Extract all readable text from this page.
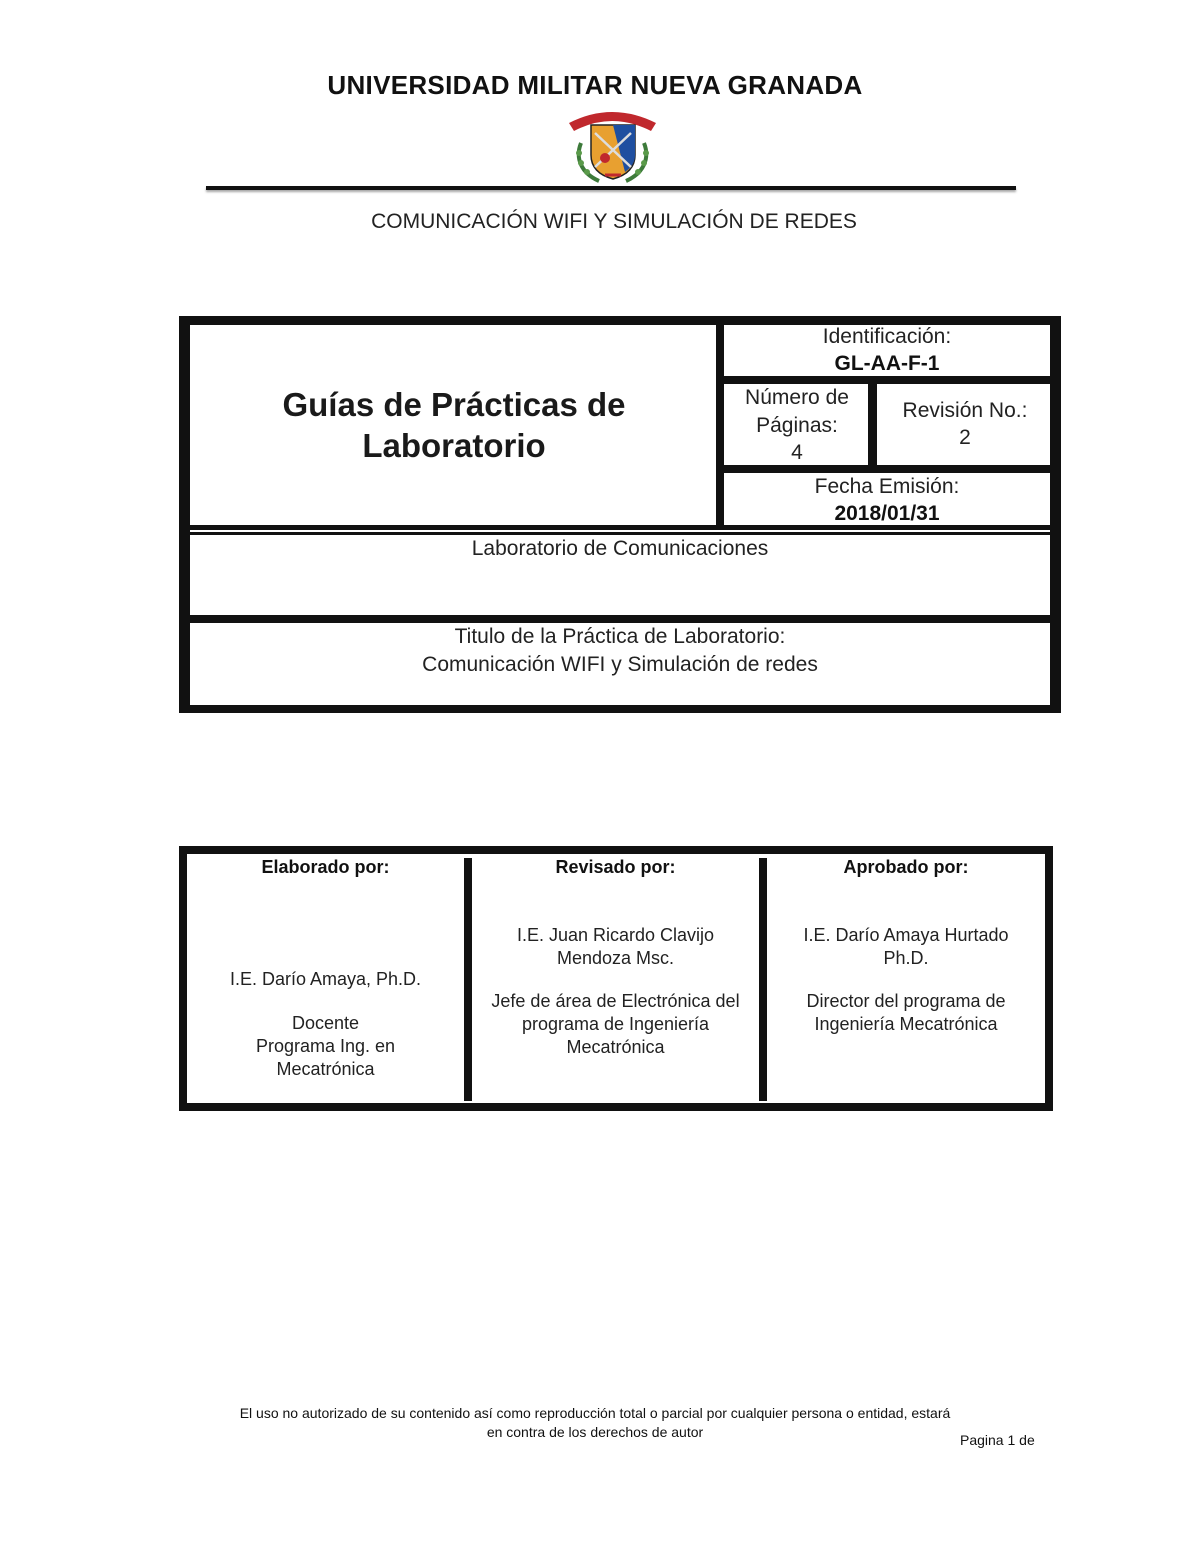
UNIVERSIDAD MILITAR NUEVA GRANADA
COMUNICACIÓN WIFI Y SIMULACIÓN DE REDES
Guías de Prácticas de
Laboratorio
Identificación:
GL-AA-F-1
Número de
Páginas:
4
Revisión No.:
2
Fecha Emisión:
2018/01/31
Laboratorio de Comunicaciones
Titulo de la Práctica de Laboratorio:
Comunicación WIFI y Simulación de redes
Elaborado por:
I.E. Darío Amaya, Ph.D.
Docente
Programa Ing. en
Mecatrónica
Revisado por:
I.E. Juan Ricardo Clavijo
Mendoza Msc.
Jefe de área de Electrónica del
programa de Ingeniería
Mecatrónica
Aprobado por:
I.E. Darío Amaya Hurtado
Ph.D.
Director del programa de
Ingeniería Mecatrónica
El uso no autorizado de su contenido así como reproducción total o parcial por cualquier persona o entidad, estará
en contra de los derechos de autor	Pagina 1 de
